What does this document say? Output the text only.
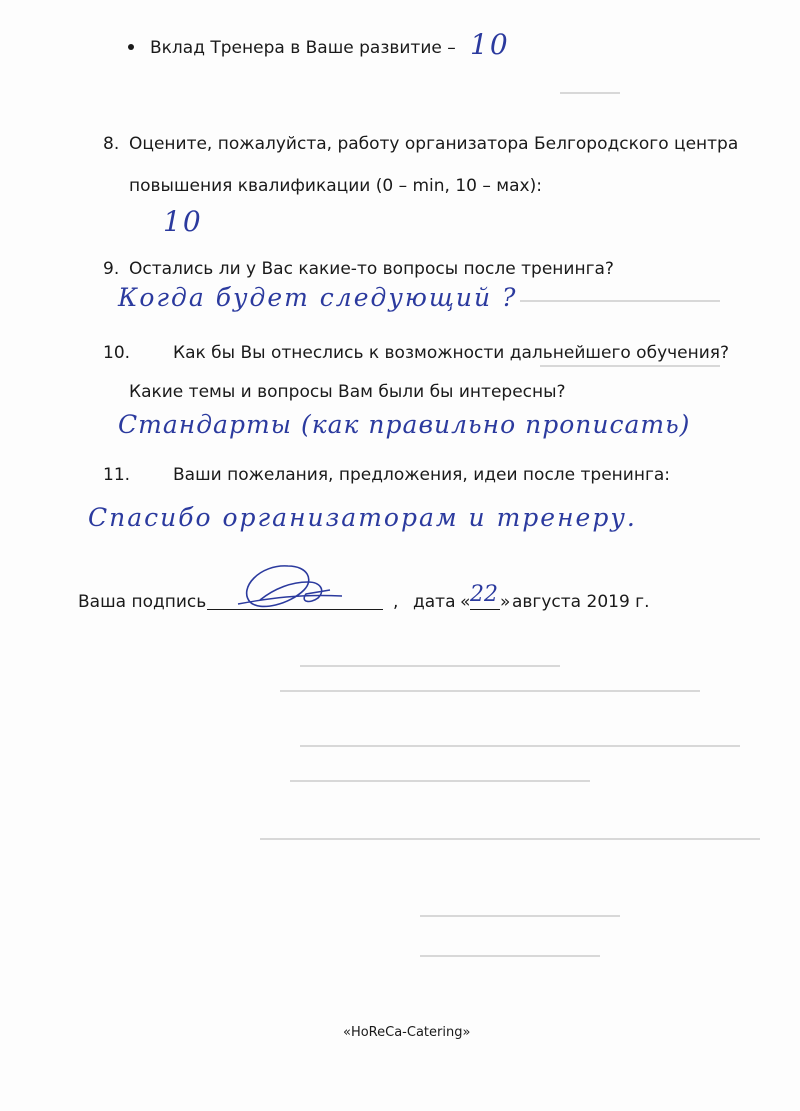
Вклад Тренера в Ваше развитие – 10
8. Оцените, пожалуйста, работу организатора Белгородского центра
повышения квалификации (0 – min, 10 – мах):
10
9. Остались ли у Вас какие-то вопросы после тренинга?
Когда будет следующий ?
10.	Как бы Вы отнеслись к возможности дальнейшего обучения?
Какие темы и вопросы Вам были бы интересны?
Стандарты (как правильно прописать)
11.	Ваши пожелания, предложения, идеи после тренинга:
Спасибо организаторам и тренеру.
Ваша подпись	, дата « 22 » августа 2019 г.
«HoReCa-Catering»
